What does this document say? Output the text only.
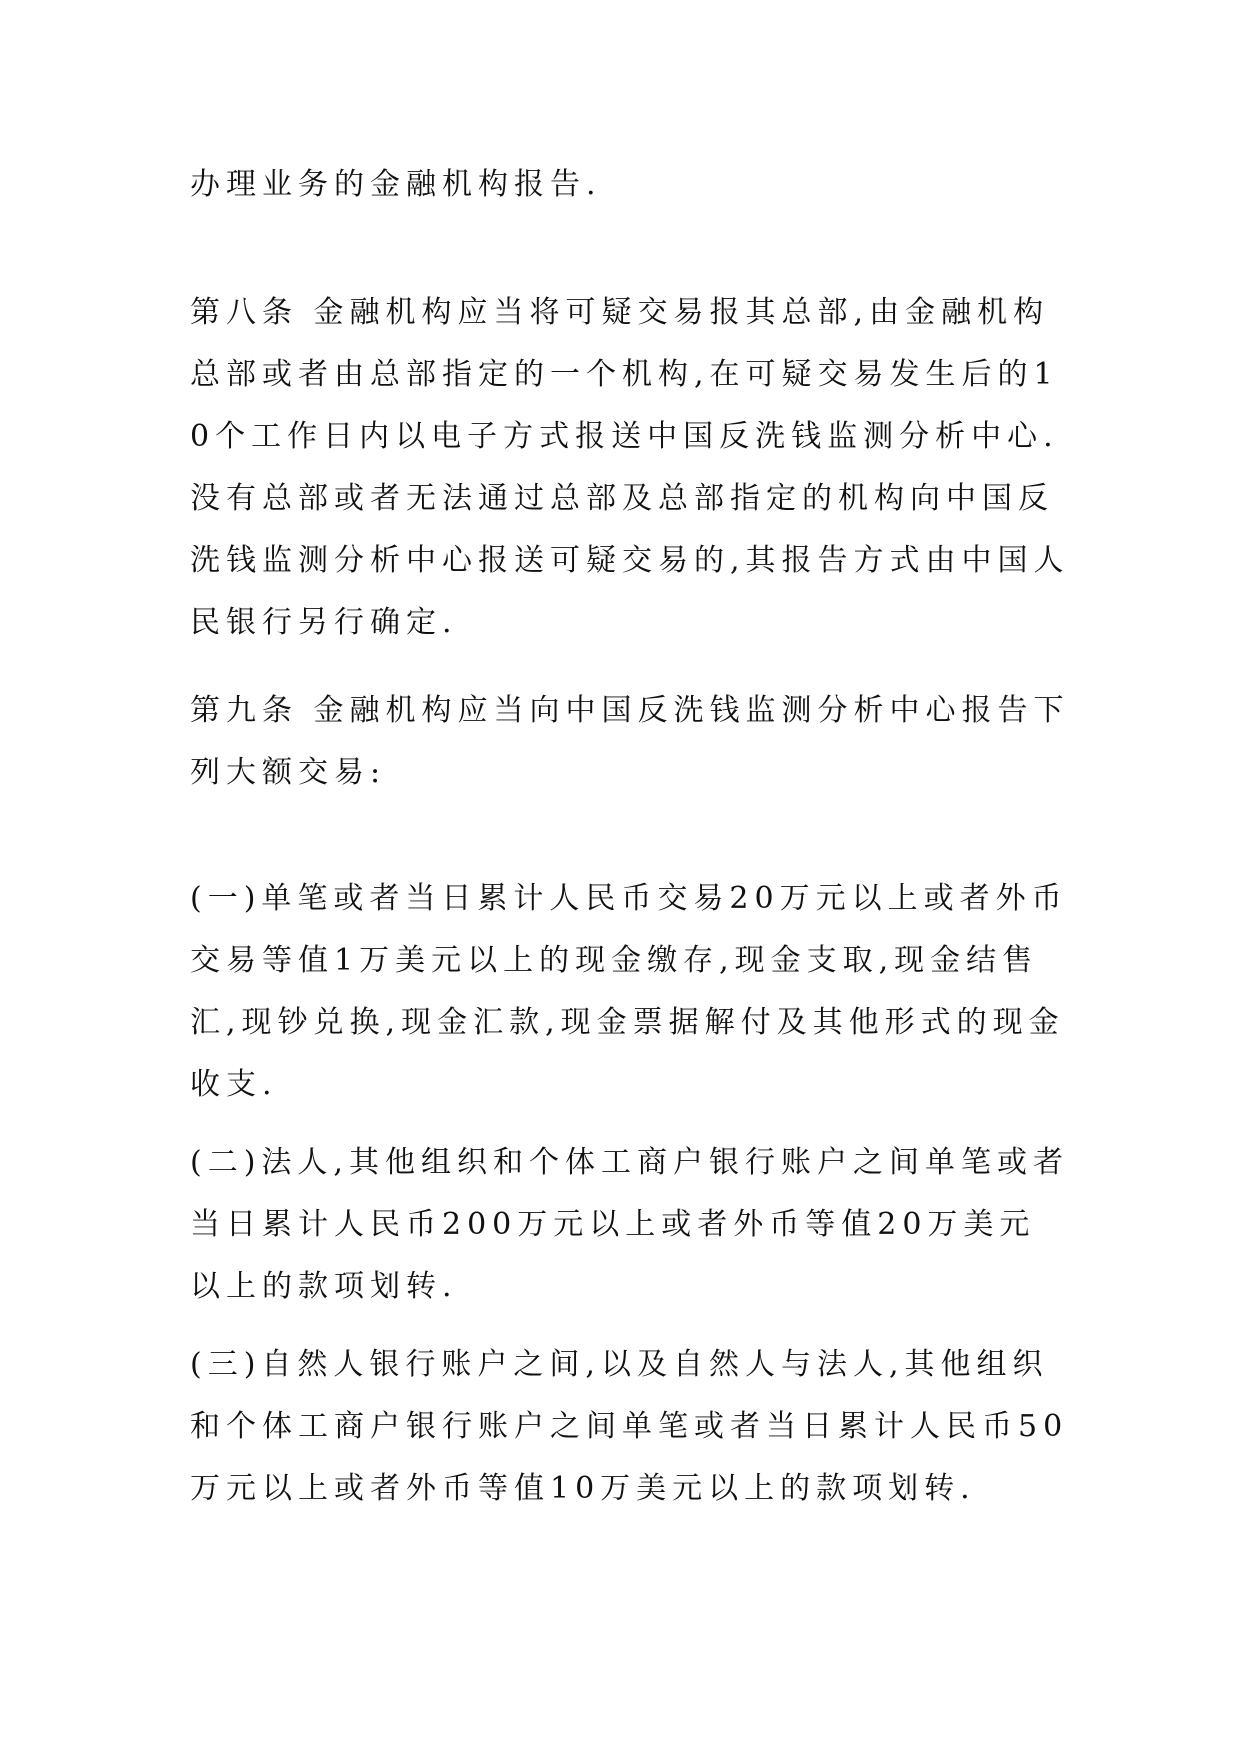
办理业务的金融机构报告.

第八条 金融机构应当将可疑交易报其总部,由金融机构总部或者由总部指定的一个机构,在可疑交易发生后的10个工作日内以电子方式报送中国反洗钱监测分析中心.没有总部或者无法通过总部及总部指定的机构向中国反洗钱监测分析中心报送可疑交易的,其报告方式由中国人民银行另行确定.

第九条 金融机构应当向中国反洗钱监测分析中心报告下列大额交易:

(一)单笔或者当日累计人民币交易20万元以上或者外币交易等值1万美元以上的现金缴存,现金支取,现金结售汇,现钞兑换,现金汇款,现金票据解付及其他形式的现金收支.

(二)法人,其他组织和个体工商户银行账户之间单笔或者当日累计人民币200万元以上或者外币等值20万美元以上的款项划转.

(三)自然人银行账户之间,以及自然人与法人,其他组织和个体工商户银行账户之间单笔或者当日累计人民币50万元以上或者外币等值10万美元以上的款项划转.
